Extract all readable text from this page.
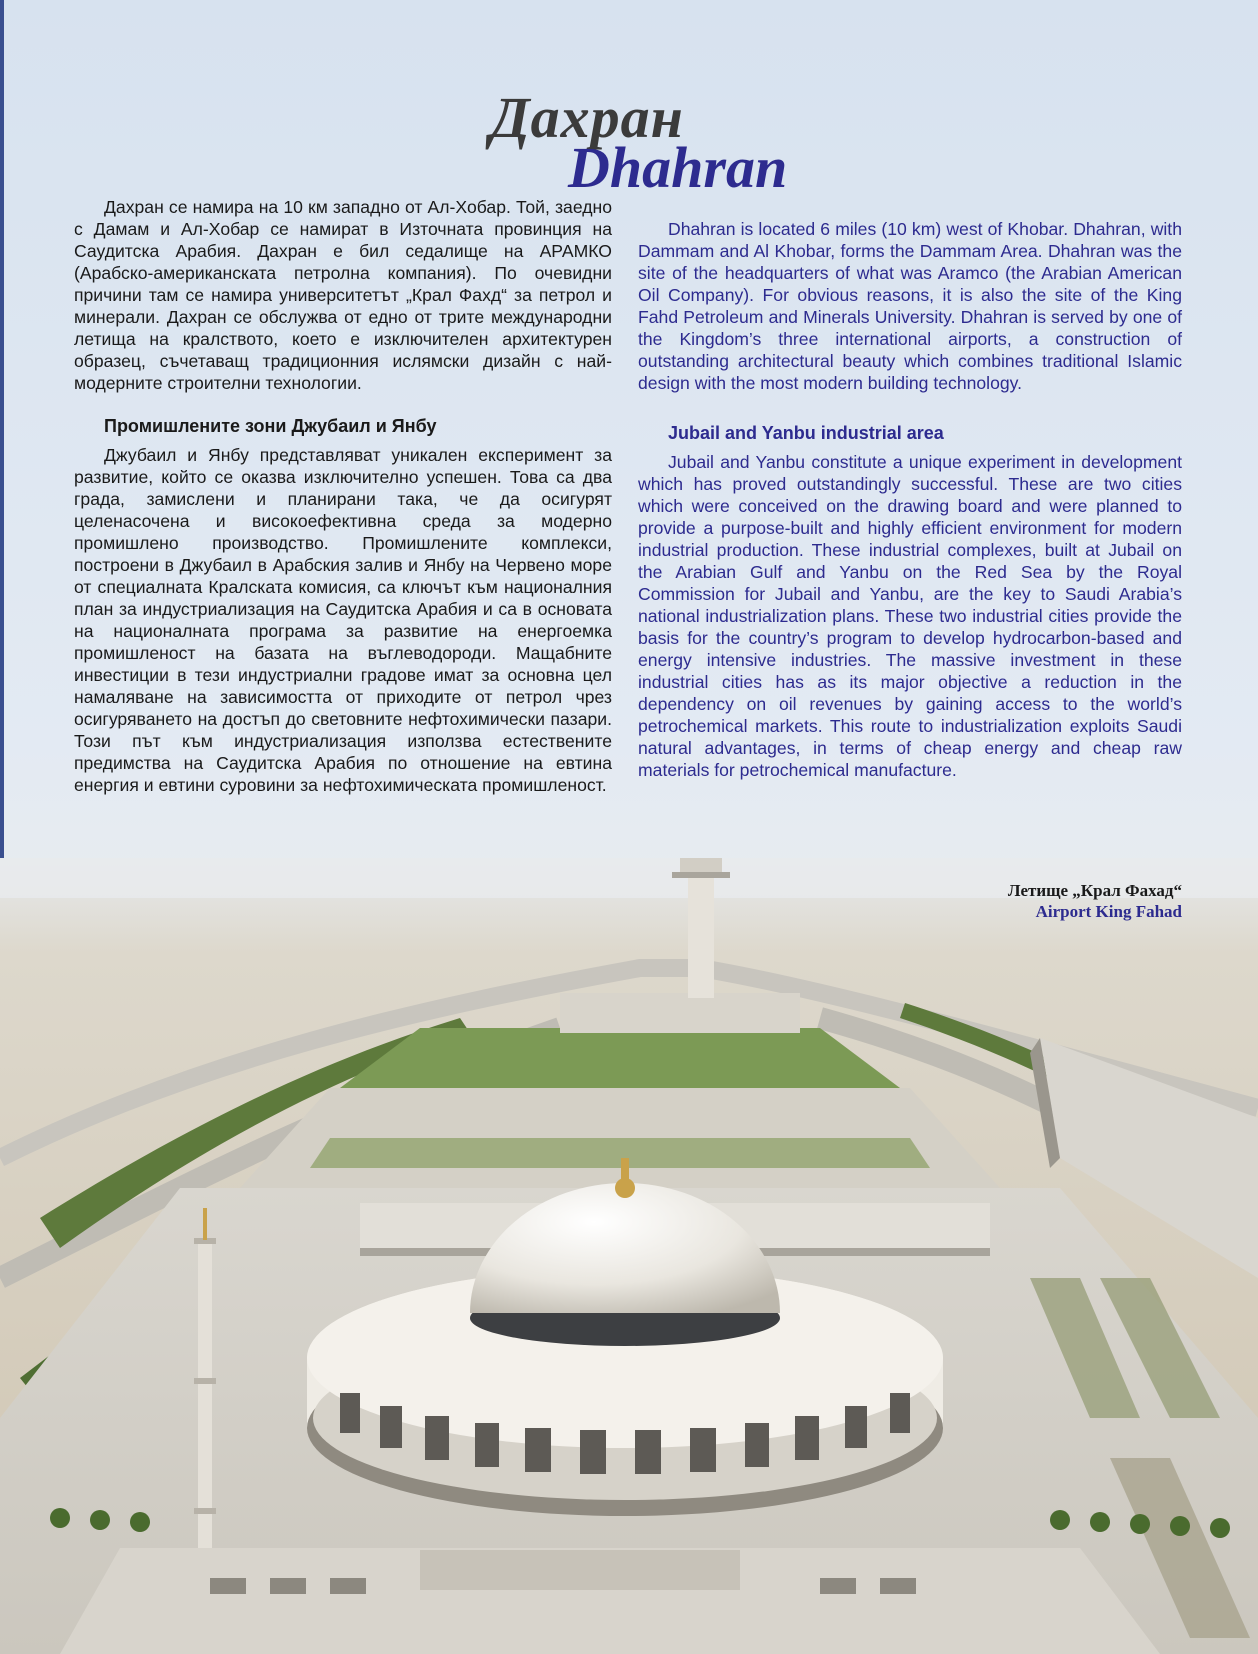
Дахран
Dhahran

Дахран се намира на 10 км западно от Ал-Хобар. Той, заедно с Дамам и Ал-Хобар се намират в Източната провинция на Саудитска Арабия. Дахран е бил седалище на АРАМКО (Арабско-американската петролна компания). По очевидни причини там се намира университетът „Крал Фахд“ за петрол и минерали. Дахран се обслужва от едно от трите международни летища на кралството, което е изключителен архитектурен образец, съчетаващ традиционния ислямски дизайн с най-модерните строителни технологии.

Промишлените зони Джубаил и Янбу

Джубаил и Янбу представляват уникален експеримент за развитие, който се оказва изключително успешен. Това са два града, замислени и планирани така, че да осигурят целенасочена и високоефективна среда за модерно промишлено производство. Промишлените комплекси, построени в Джубаил в Арабския залив и Янбу на Червено море от специалната Кралската комисия, са ключът към националния план за индустриализация на Саудитска Арабия и са в основата на националната програма за развитие на енергоемка промишленост на базата на въглеводороди. Мащабните инвестиции в тези индустриални градове имат за основна цел намаляване на зависимостта от приходите от петрол чрез осигуряването на достъп до световните нефтохимически пазари. Този път към индустриализация използва естествените предимства на Саудитска Арабия по отношение на евтина енергия и евтини суровини за нефтохимическата промишленост.

Dhahran is located 6 miles (10 km) west of Khobar. Dhahran, with Dammam and Al Khobar, forms the Dammam Area. Dhahran was the site of the headquarters of what was Aramco (the Arabian American Oil Company). For obvious reasons, it is also the site of the King Fahd Petroleum and Minerals University. Dhahran is served by one of the Kingdom’s three international airports, a construction of outstanding architectural beauty which combines traditional Islamic design with the most modern building technology.

Jubail and Yanbu industrial area

Jubail and Yanbu constitute a unique experiment in development which has proved outstandingly successful. These are two cities which were conceived on the drawing board and were planned to provide a purpose-built and highly efficient environment for modern industrial production. These industrial complexes, built at Jubail on the Arabian Gulf and Yanbu on the Red Sea by the Royal Commission for Jubail and Yanbu, are the key to Saudi Arabia’s national industrialization plans. These two industrial cities provide the basis for the country’s program to develop hydrocarbon-based and energy intensive industries. The massive investment in these industrial cities has as its major objective a reduction in the dependency on oil revenues by gaining access to the world’s petrochemical markets. This route to industrialization exploits Saudi natural advantages, in terms of cheap energy and cheap raw materials for petrochemical manufacture.

Летище „Крал Фахад“
Airport King Fahad
